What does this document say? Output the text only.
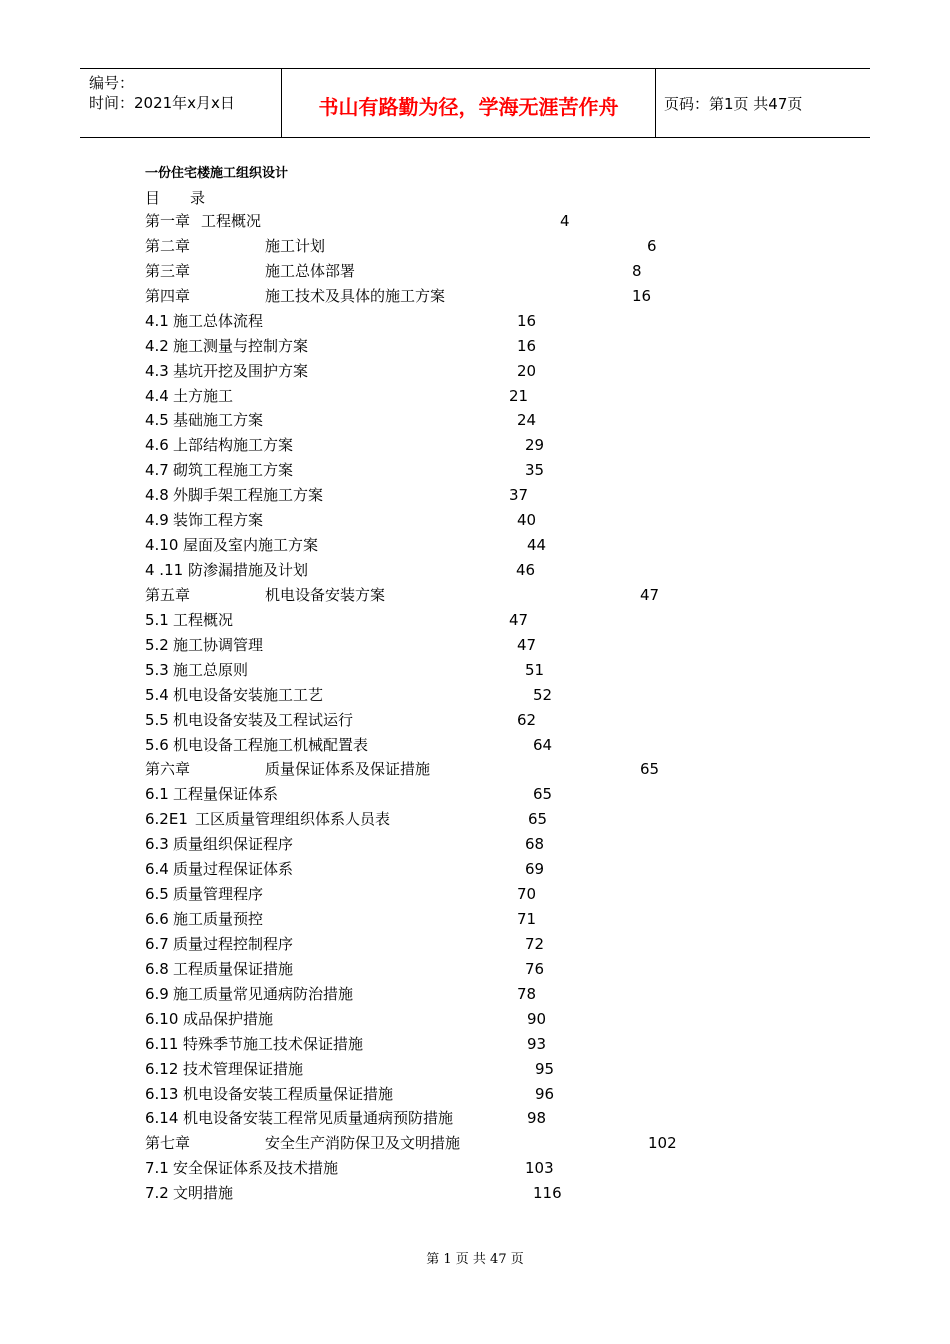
编号：
时间：2021年x月x日	书山有路勤为径，学海无涯苦作舟	页码：第1页 共47页
一份住宅楼施工组织设计
目 录
第一章 工程概况	4
第二章	施工计划	6
第三章	施工总体部署	8
第四章	施工技术及具体的施工方案	16
4.1 施工总体流程	16
4.2 施工测量与控制方案	16
4.3 基坑开挖及围护方案	20
4.4 土方施工	21
4.5 基础施工方案	24
4.6 上部结构施工方案	29
4.7 砌筑工程施工方案	35
4.8 外脚手架工程施工方案	37
4.9 装饰工程方案	40
4.10 屋面及室内施工方案	44
4 .11 防渗漏措施及计划	46
第五章	机电设备安装方案	47
5.1 工程概况	47
5.2 施工协调管理	47
5.3 施工总原则	51
5.4 机电设备安装施工工艺	52
5.5 机电设备安装及工程试运行	62
5.6 机电设备工程施工机械配置表	64
第六章	质量保证体系及保证措施	65
6.1 工程量保证体系	65
6.2E1 工区质量管理组织体系人员表	65
6.3 质量组织保证程序	68
6.4 质量过程保证体系	69
6.5 质量管理程序	70
6.6 施工质量预控	71
6.7 质量过程控制程序	72
6.8 工程质量保证措施	76
6.9 施工质量常见通病防治措施	78
6.10 成品保护措施	90
6.11 特殊季节施工技术保证措施	93
6.12 技术管理保证措施	95
6.13 机电设备安装工程质量保证措施	96
6.14 机电设备安装工程常见质量通病预防措施	98
第七章	安全生产消防保卫及文明措施	102
7.1 安全保证体系及技术措施	103
7.2 文明措施	116
第 1 页 共 47 页
